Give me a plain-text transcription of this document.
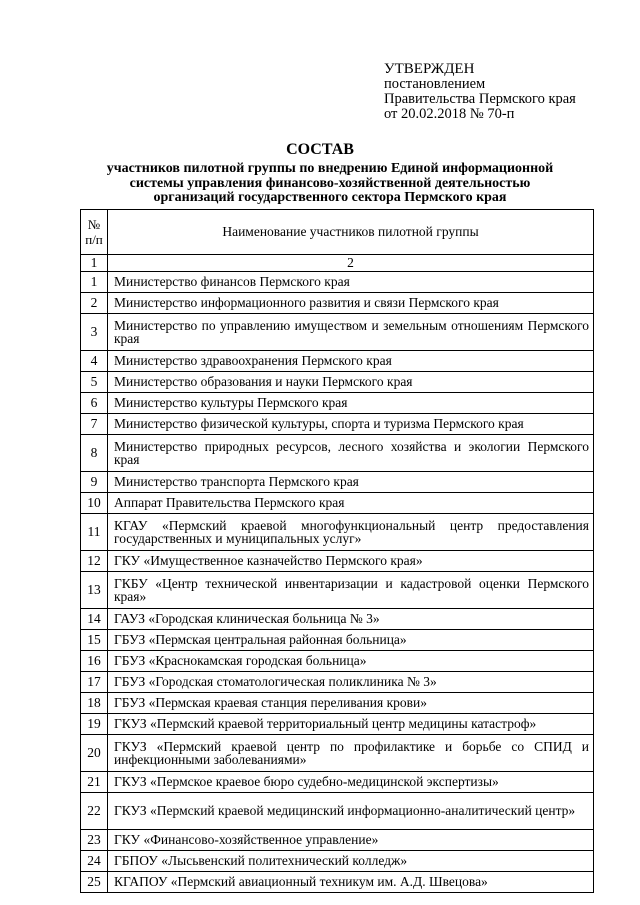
УТВЕРЖДЕН
постановлением
Правительства Пермского края
от 20.02.2018 № 70-п
СОСТАВ
участников пилотной группы по внедрению Единой информационной
системы управления финансово-хозяйственной деятельностью
организаций государственного сектора Пермского края
№ п/п	Наименование участников пилотной группы
1	2
1	Министерство финансов Пермского края
2	Министерство информационного развития и связи Пермского края
3	Министерство по управлению имуществом и земельным отношениям Пермского края
4	Министерство здравоохранения Пермского края
5	Министерство образования и науки Пермского края
6	Министерство культуры Пермского края
7	Министерство физической культуры, спорта и туризма Пермского края
8	Министерство природных ресурсов, лесного хозяйства и экологии Пермского края
9	Министерство транспорта Пермского края
10	Аппарат Правительства Пермского края
11	КГАУ «Пермский краевой многофункциональный центр предоставления государственных и муниципальных услуг»
12	ГКУ «Имущественное казначейство Пермского края»
13	ГКБУ «Центр технической инвентаризации и кадастровой оценки Пермского края»
14	ГАУЗ «Городская клиническая больница № 3»
15	ГБУЗ «Пермская центральная районная больница»
16	ГБУЗ «Краснокамская городская больница»
17	ГБУЗ «Городская стоматологическая поликлиника № 3»
18	ГБУЗ «Пермская краевая станция переливания крови»
19	ГКУЗ «Пермский краевой территориальный центр медицины катастроф»
20	ГКУЗ «Пермский краевой центр по профилактике и борьбе со СПИД и инфекционными заболеваниями»
21	ГКУЗ «Пермское краевое бюро судебно-медицинской экспертизы»
22	ГКУЗ «Пермский краевой медицинский информационно-аналитический центр»
23	ГКУ «Финансово-хозяйственное управление»
24	ГБПОУ «Лысьвенский политехнический колледж»
25	КГАПОУ «Пермский авиационный техникум им. А.Д. Швецова»
